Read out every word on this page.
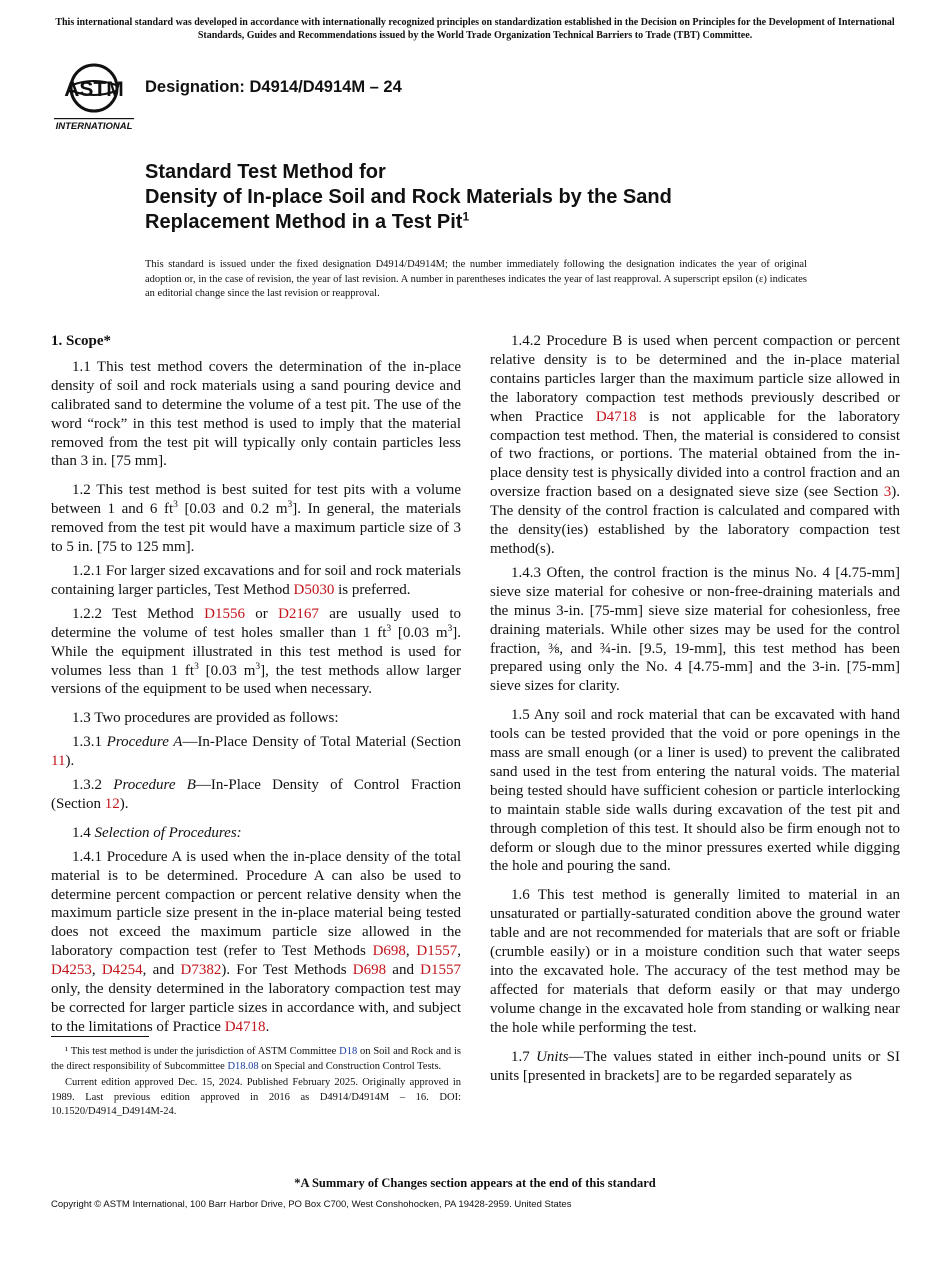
This international standard was developed in accordance with internationally recognized principles on standardization established in the Decision on Principles for the Development of International Standards, Guides and Recommendations issued by the World Trade Organization Technical Barriers to Trade (TBT) Committee.
ASTM
INTERNATIONAL
Designation: D4914/D4914M – 24
Standard Test Method for
Density of In-place Soil and Rock Materials by the Sand
Replacement Method in a Test Pit$^1$
This standard is issued under the fixed designation D4914/D4914M; the number immediately following the designation indicates the year of original adoption or, in the case of revision, the year of last revision. A number in parentheses indicates the year of last reapproval. A superscript epsilon (ε) indicates an editorial change since the last revision or reapproval.
1. Scope*

1.1 This test method covers the determination of the in-place density of soil and rock materials using a sand pouring device and calibrated sand to determine the volume of a test pit. The use of the word “rock” in this test method is used to imply that the material removed from the test pit will typically only contain particles less than 3 in. [75 mm].

1.2 This test method is best suited for test pits with a volume between 1 and 6 $ft^3$ [0.03 and 0.2 $m^3$]. In general, the materials removed from the test pit would have a maximum particle size of 3 to 5 in. [75 to 125 mm].

1.2.1 For larger sized excavations and for soil and rock materials containing larger particles, Test Method D5030 is preferred.

1.2.2 Test Method D1556 or D2167 are usually used to determine the volume of test holes smaller than 1 $ft^3$ [0.03 $m^3$]. While the equipment illustrated in this test method is used for volumes less than 1 $ft^3$ [0.03 $m^3$], the test methods allow larger versions of the equipment to be used when necessary.

1.3 Two procedures are provided as follows:

1.3.1 Procedure A—In-Place Density of Total Material (Section 11).

1.3.2 Procedure B—In-Place Density of Control Fraction (Section 12).

1.4 Selection of Procedures:

1.4.1 Procedure A is used when the in-place density of the total material is to be determined. Procedure A can also be used to determine percent compaction or percent relative density when the maximum particle size present in the in-place material being tested does not exceed the maximum particle size allowed in the laboratory compaction test (refer to Test Methods D698, D1557, D4253, D4254, and D7382). For Test Methods D698 and D1557 only, the density determined in the laboratory compaction test may be corrected for larger particle sizes in accordance with, and subject to the limitations of Practice D4718.

¹ This test method is under the jurisdiction of ASTM Committee D18 on Soil and Rock and is the direct responsibility of Subcommittee D18.08 on Special and Construction Control Tests.

Current edition approved Dec. 15, 2024. Published February 2025. Originally approved in 1989. Last previous edition approved in 2016 as D4914/D4914M – 16. DOI: 10.1520/D4914_D4914M-24.

1.4.2 Procedure B is used when percent compaction or percent relative density is to be determined and the in-place material contains particles larger than the maximum particle size allowed in the laboratory compaction test methods previously described or when Practice D4718 is not applicable for the laboratory compaction test method. Then, the material is considered to consist of two fractions, or portions. The material obtained from the in-place density test is physically divided into a control fraction and an oversize fraction based on a designated sieve size (see Section 3). The density of the control fraction is calculated and compared with the density(ies) established by the laboratory compaction test method(s).

1.4.3 Often, the control fraction is the minus No. 4 [4.75-mm] sieve size material for cohesive or non-free-draining materials and the minus 3-in. [75-mm] sieve size material for cohesionless, free draining materials. While other sizes may be used for the control fraction, ⅜, and ¾-in. [9.5, 19-mm], this test method has been prepared using only the No. 4 [4.75-mm] and the 3-in. [75-mm] sieve sizes for clarity.

1.5 Any soil and rock material that can be excavated with hand tools can be tested provided that the void or pore openings in the mass are small enough (or a liner is used) to prevent the calibrated sand used in the test from entering the natural voids. The material being tested should have sufficient cohesion or particle interlocking to maintain stable side walls during excavation of the test pit and through completion of this test. It should also be firm enough not to deform or slough due to the minor pressures exerted while digging the hole and pouring the sand.

1.6 This test method is generally limited to material in an unsaturated or partially-saturated condition above the ground water table and are not recommended for materials that are soft or friable (crumble easily) or in a moisture condition such that water seeps into the excavated hole. The accuracy of the test method may be affected for materials that deform easily or that may undergo volume change in the excavated hole from standing or walking near the hole while performing the test.

1.7 Units—The values stated in either inch-pound units or SI units [presented in brackets] are to be regarded separately as

*A Summary of Changes section appears at the end of this standard
Copyright © ASTM International, 100 Barr Harbor Drive, PO Box C700, West Conshohocken, PA 19428-2959. United States
